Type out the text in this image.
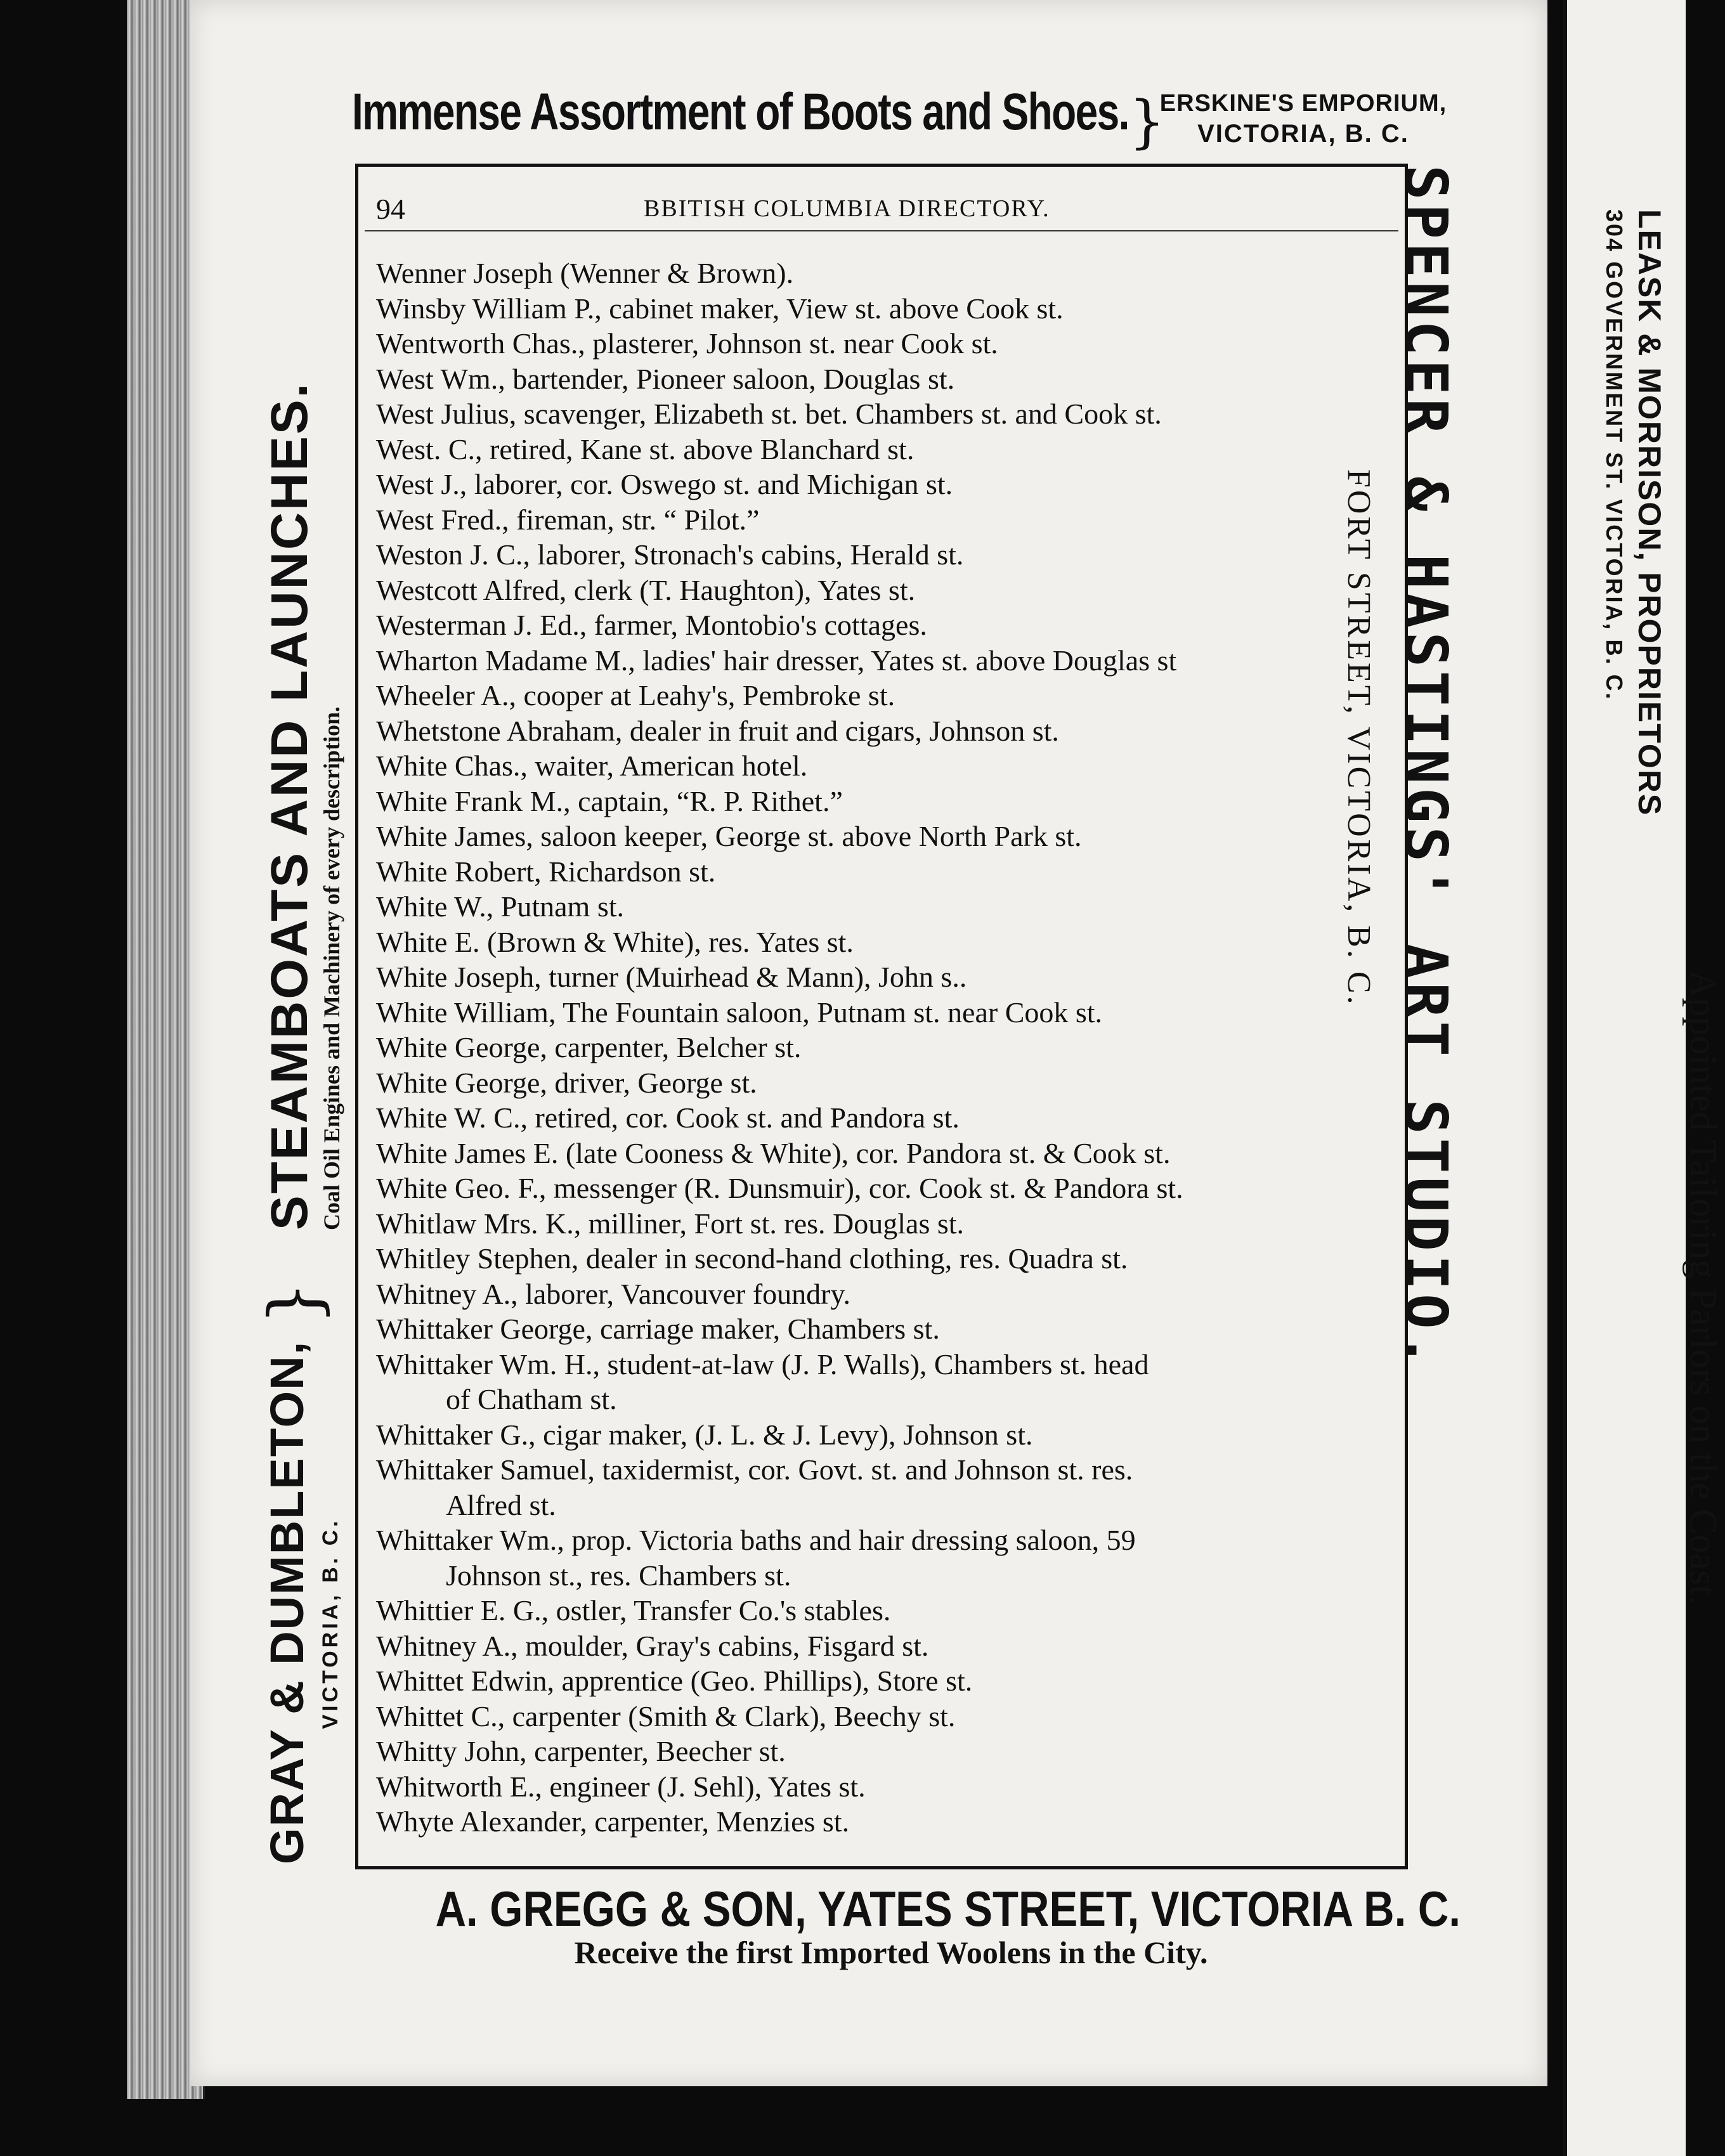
Immense Assortment of Boots and Shoes. }
ERSKINE'S EMPORIUM,
VICTORIA, B. C.
GRAY & DUMBLETON, VICTORIA, B. C.
}
STEAMBOATS AND LAUNCHES. Coal Oil Engines and Machinery of every description.	SPENCER & HASTINGS' ART STUDIO.
FORT STREET, VICTORIA, B. C.
94	BBITISH COLUMBIA DIRECTORY.
Wenner Joseph (Wenner & Brown).
Winsby William P., cabinet maker, View st. above Cook st.
Wentworth Chas., plasterer, Johnson st. near Cook st.
West Wm., bartender, Pioneer saloon, Douglas st.
West Julius, scavenger, Elizabeth st. bet. Chambers st. and Cook st.
West. C., retired, Kane st. above Blanchard st.
West J., laborer, cor. Oswego st. and Michigan st.
West Fred., fireman, str. “ Pilot.”
Weston J. C., laborer, Stronach's cabins, Herald st.
Westcott Alfred, clerk (T. Haughton), Yates st.
Westerman J. Ed., farmer, Montobio's cottages.
Wharton Madame M., ladies' hair dresser, Yates st. above Douglas st
Wheeler A., cooper at Leahy's, Pembroke st.
Whetstone Abraham, dealer in fruit and cigars, Johnson st.
White Chas., waiter, American hotel.
White Frank M., captain, “R. P. Rithet.”
White James, saloon keeper, George st. above North Park st.
White Robert, Richardson st.
White W., Putnam st.
White E. (Brown & White), res. Yates st.
White Joseph, turner (Muirhead & Mann), John s..
White William, The Fountain saloon, Putnam st. near Cook st.
White George, carpenter, Belcher st.
White George, driver, George st.
White W. C., retired, cor. Cook st. and Pandora st.
White James E. (late Cooness & White), cor. Pandora st. & Cook st.
White Geo. F., messenger (R. Dunsmuir), cor. Cook st. & Pandora st.
Whitlaw Mrs. K., milliner, Fort st. res. Douglas st.
Whitley Stephen, dealer in second-hand clothing, res. Quadra st.
Whitney A., laborer, Vancouver foundry.
Whittaker George, carriage maker, Chambers st.
Whittaker Wm. H., student-at-law (J. P. Walls), Chambers st. head
of Chatham st.
Whittaker G., cigar maker, (J. L. & J. Levy), Johnson st.
Whittaker Samuel, taxidermist, cor. Govt. st. and Johnson st. res.
Alfred st.
Whittaker Wm., prop. Victoria baths and hair dressing saloon, 59
Johnson st., res. Chambers st.
Whittier E. G., ostler, Transfer Co.'s stables.
Whitney A., moulder, Gray's cabins, Fisgard st.
Whittet Edwin, apprentice (Geo. Phillips), Store st.
Whittet C., carpenter (Smith & Clark), Beechy st.
Whitty John, carpenter, Beecher st.
Whitworth E., engineer (J. Sehl), Yates st.
Whyte Alexander, carpenter, Menzies st.
A. GREGG & SON, YATES STREET, VICTORIA B. C.
Receive the first Imported Woolens in the City.
Appointed Tailoring Parlors on the Coast.
LEASK & MORRISON, PROPRIETORS
304 GOVERNMENT ST. VICTORIA, B. C.
